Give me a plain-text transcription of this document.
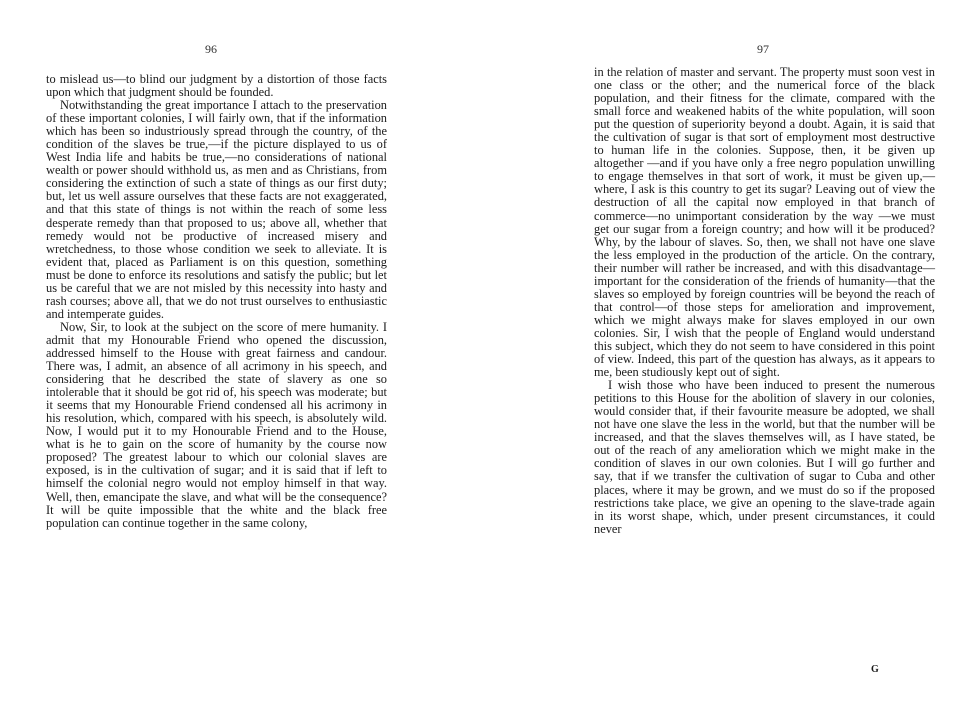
96

to mislead us—to blind our judgment by a distortion of those facts upon which that judgment should be founded.

Notwithstanding the great importance I attach to the preservation of these important colonies, I will fairly own, that if the information which has been so industriously spread through the country, of the condition of the slaves be true,—if the picture displayed to us of West India life and habits be true,—no considerations of national wealth or power should withhold us, as men and as Christians, from considering the extinction of such a state of things as our first duty; but, let us well assure ourselves that these facts are not exaggerated, and that this state of things is not within the reach of some less desperate remedy than that proposed to us; above all, whether that remedy would not be productive of increased misery and wretchedness, to those whose condition we seek to alleviate. It is evident that, placed as Parliament is on this question, something must be done to enforce its resolutions and satisfy the public; but let us be careful that we are not misled by this necessity into hasty and rash courses; above all, that we do not trust ourselves to enthusiastic and intemperate guides.

Now, Sir, to look at the subject on the score of mere humanity. I admit that my Honourable Friend who opened the discussion, addressed himself to the House with great fairness and candour. There was, I admit, an absence of all acrimony in his speech, and considering that he described the state of slavery as one so intolerable that it should be got rid of, his speech was moderate; but it seems that my Honourable Friend condensed all his acrimony in his resolution, which, compared with his speech, is absolutely wild. Now, I would put it to my Honourable Friend and to the House, what is he to gain on the score of humanity by the course now proposed? The greatest labour to which our colonial slaves are exposed, is in the cultivation of sugar; and it is said that if left to himself the colonial negro would not employ himself in that way. Well, then, emancipate the slave, and what will be the consequence? It will be quite impossible that the white and the black free population can continue together in the same colony,

97

in the relation of master and servant. The property must soon vest in one class or the other; and the numerical force of the black population, and their fitness for the climate, compared with the small force and weakened habits of the white population, will soon put the question of superiority beyond a doubt. Again, it is said that the cultivation of sugar is that sort of employment most destructive to human life in the colonies. Suppose, then, it be given up altogether —and if you have only a free negro population unwilling to engage themselves in that sort of work, it must be given up,—where, I ask is this country to get its sugar? Leaving out of view the destruction of all the capital now employed in that branch of commerce—no unimportant consideration by the way —we must get our sugar from a foreign country; and how will it be produced? Why, by the labour of slaves. So, then, we shall not have one slave the less employed in the production of the article. On the contrary, their number will rather be increased, and with this disadvantage—important for the consideration of the friends of humanity—that the slaves so employed by foreign countries will be beyond the reach of that control—of those steps for amelioration and improvement, which we might always make for slaves employed in our own colonies. Sir, I wish that the people of England would understand this subject, which they do not seem to have considered in this point of view. Indeed, this part of the question has always, as it appears to me, been studiously kept out of sight.

I wish those who have been induced to present the numerous petitions to this House for the abolition of slavery in our colonies, would consider that, if their favourite measure be adopted, we shall not have one slave the less in the world, but that the number will be increased, and that the slaves themselves will, as I have stated, be out of the reach of any amelioration which we might make in the condition of slaves in our own colonies. But I will go further and say, that if we transfer the cultivation of sugar to Cuba and other places, where it may be grown, and we must do so if the proposed restrictions take place, we give an opening to the slave-trade again in its worst shape, which, under present circumstances, it could never

G
